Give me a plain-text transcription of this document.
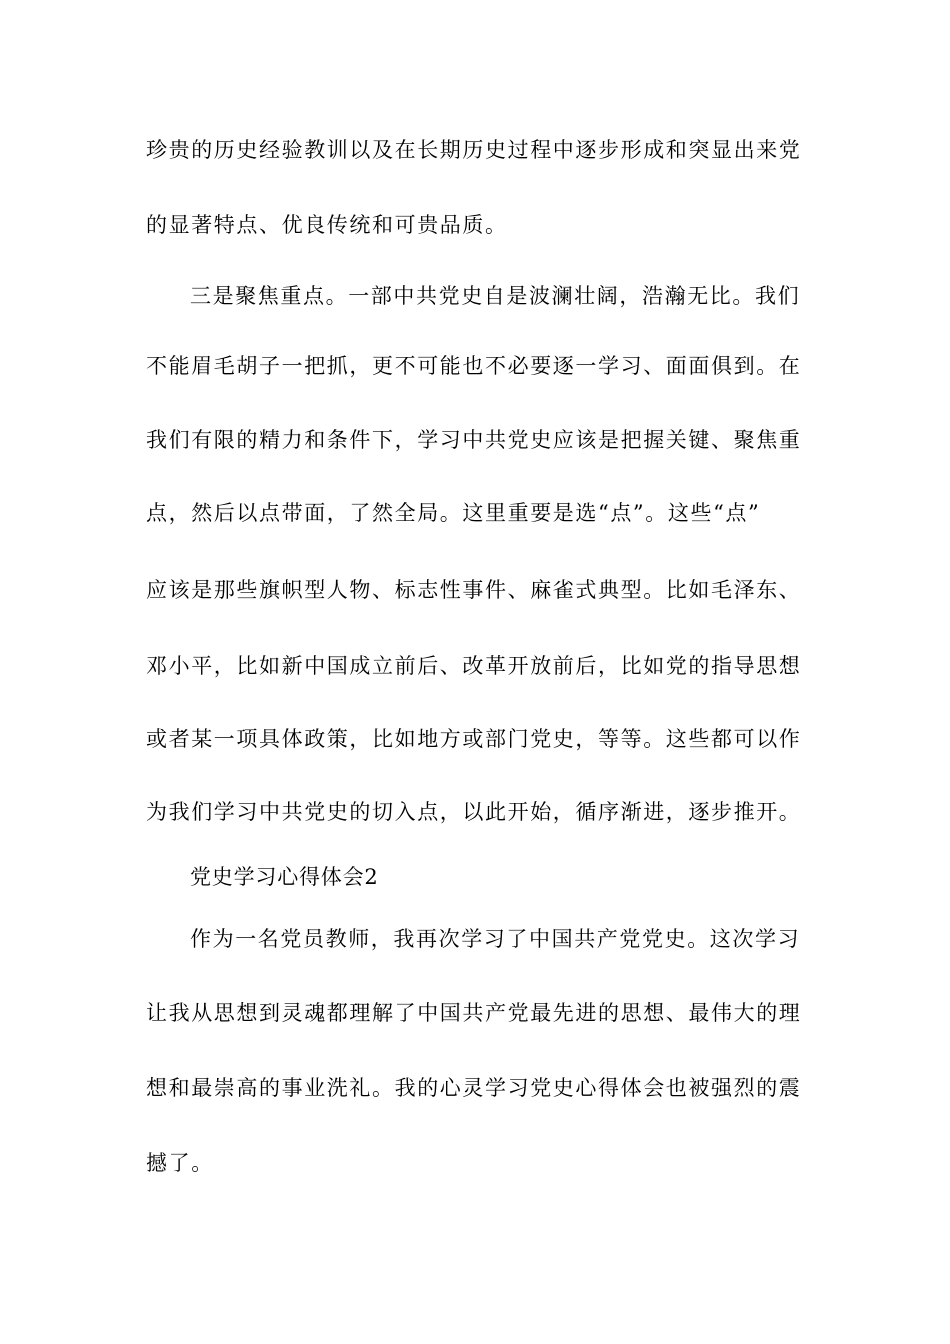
珍贵的历史经验教训以及在长期历史过程中逐步形成和突显出来党
的显著特点、优良传统和可贵品质。
三是聚焦重点。一部中共党史自是波澜壮阔，浩瀚无比。我们
不能眉毛胡子一把抓，更不可能也不必要逐一学习、面面俱到。在
我们有限的精力和条件下，学习中共党史应该是把握关键、聚焦重
点，然后以点带面，了然全局。这里重要是选“点”。这些“点”
应该是那些旗帜型人物、标志性事件、麻雀式典型。比如毛泽东、
邓小平，比如新中国成立前后、改革开放前后，比如党的指导思想
或者某一项具体政策，比如地方或部门党史，等等。这些都可以作
为我们学习中共党史的切入点，以此开始，循序渐进，逐步推开。
党史学习心得体会2
作为一名党员教师，我再次学习了中国共产党党史。这次学习
让我从思想到灵魂都理解了中国共产党最先进的思想、最伟大的理
想和最崇高的事业洗礼。我的心灵学习党史心得体会也被强烈的震
撼了。
